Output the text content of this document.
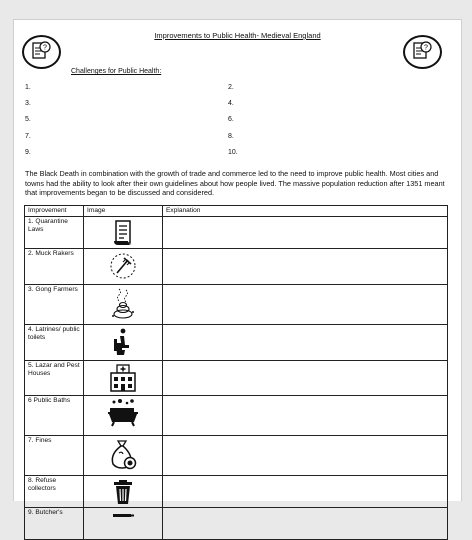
?
Improvements to Public Health- Medieval England
?
Challenges for Public Health:
1.	2.
3.	4.
5.	6.
7.	8.
9.	10.
The Black Death in combination with the growth of trade and commerce led to the need to improve public health. Most cities and towns had the ability to look after their own guidelines about how people lived. The massive population reduction after 1351 meant that improvements began to be discussed and considered.
Improvement	Image	Explanation
1. Quarantine Laws	

2. Muck Rakers	

3. Gong Farmers	

4. Latrines/ public toilets	

5. Lazar and Pest Houses	

6 Public Baths	

7. Fines	

8. Refuse collectors	

9. Butcher's	
